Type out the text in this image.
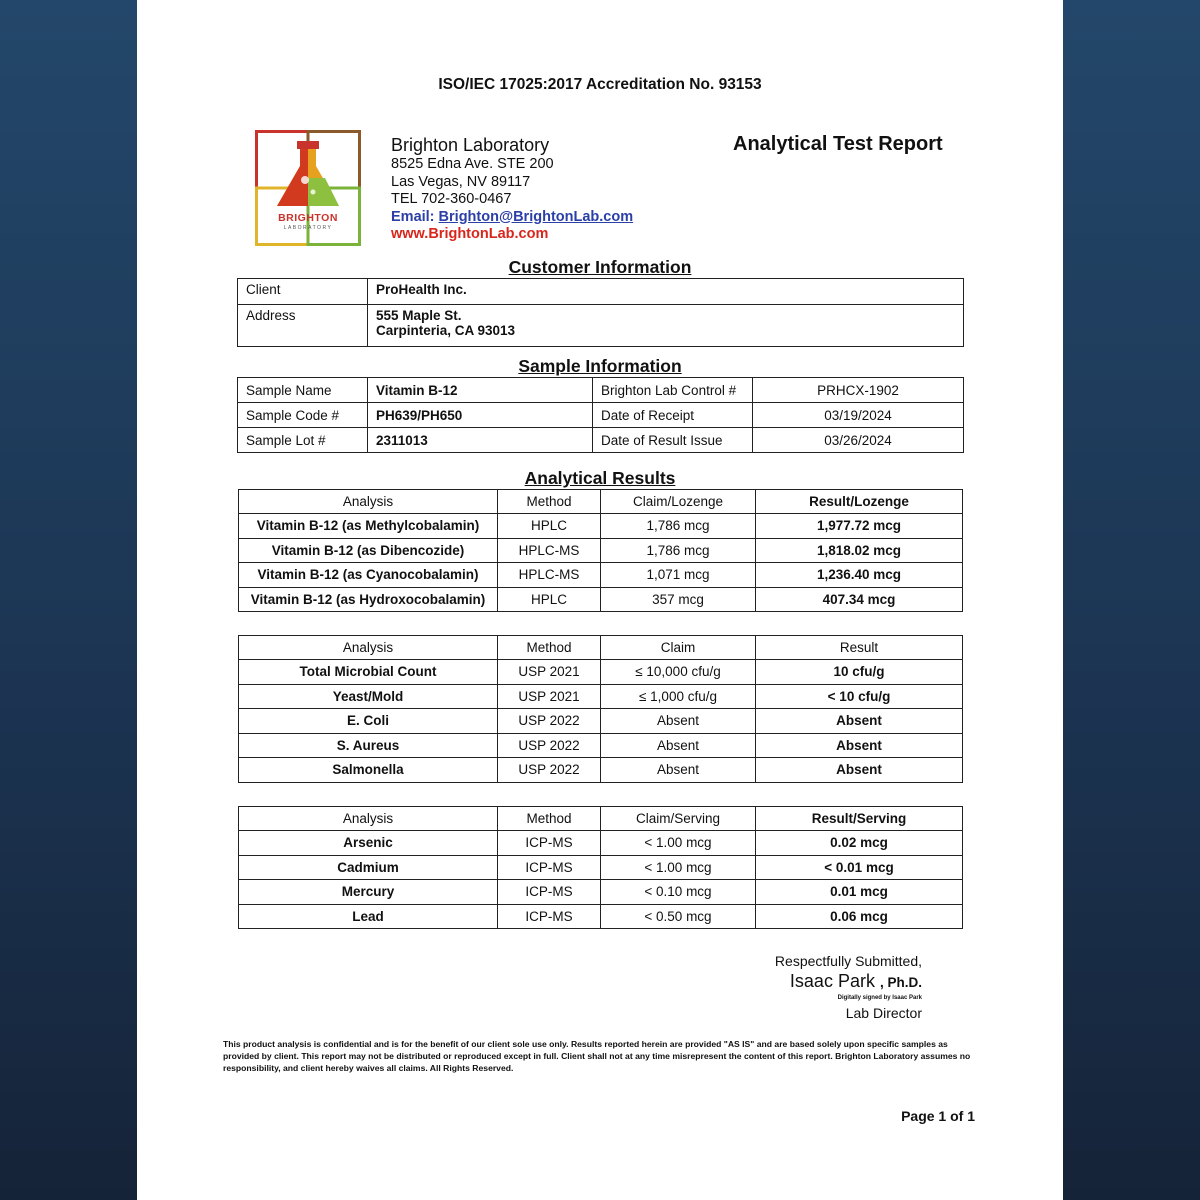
ISO/IEC 17025:2017 Accreditation No. 93153
BRIGHTON
LABORATORY
Brighton Laboratory
8525 Edna Ave. STE 200
Las Vegas, NV 89117
TEL 702-360-0467
Email: Brighton@BrightonLab.com
www.BrightonLab.com
Analytical Test Report
Customer Information
Client	ProHealth Inc.
Address	555 Maple St.
Carpinteria, CA 93013
Sample Information
Sample Name	Vitamin B-12	Brighton Lab Control #	PRHCX-1902
Sample Code #	PH639/PH650	Date of Receipt	03/19/2024
Sample Lot #	2311013	Date of Result Issue	03/26/2024
Analytical Results
Analysis	Method	Claim/Lozenge	Result/Lozenge
Vitamin B-12 (as Methylcobalamin)	HPLC	1,786 mcg	1,977.72 mcg
Vitamin B-12 (as Dibencozide)	HPLC-MS	1,786 mcg	1,818.02 mcg
Vitamin B-12 (as Cyanocobalamin)	HPLC-MS	1,071 mcg	1,236.40 mcg
Vitamin B-12 (as Hydroxocobalamin)	HPLC	357 mcg	407.34 mcg
Analysis	Method	Claim	Result
Total Microbial Count	USP 2021	≤ 10,000 cfu/g	10 cfu/g
Yeast/Mold	USP 2021	≤ 1,000 cfu/g	< 10 cfu/g
E. Coli	USP 2022	Absent	Absent
S. Aureus	USP 2022	Absent	Absent
Salmonella	USP 2022	Absent	Absent
Analysis	Method	Claim/Serving	Result/Serving
Arsenic	ICP-MS	< 1.00 mcg	0.02 mcg
Cadmium	ICP-MS	< 1.00 mcg	< 0.01 mcg
Mercury	ICP-MS	< 0.10 mcg	0.01 mcg
Lead	ICP-MS	< 0.50 mcg	0.06 mcg
Respectfully Submitted,
Isaac Park , Ph.D.
Digitally signed by Isaac Park
Lab Director
This product analysis is confidential and is for the benefit of our client sole use only. Results reported herein are provided "AS IS" and are based solely upon specific samples as provided by client. This report may not be distributed or reproduced except in full. Client shall not at any time misrepresent the content of this report. Brighton Laboratory assumes no responsibility, and client hereby waives all claims. All Rights Reserved.
Page 1 of 1
